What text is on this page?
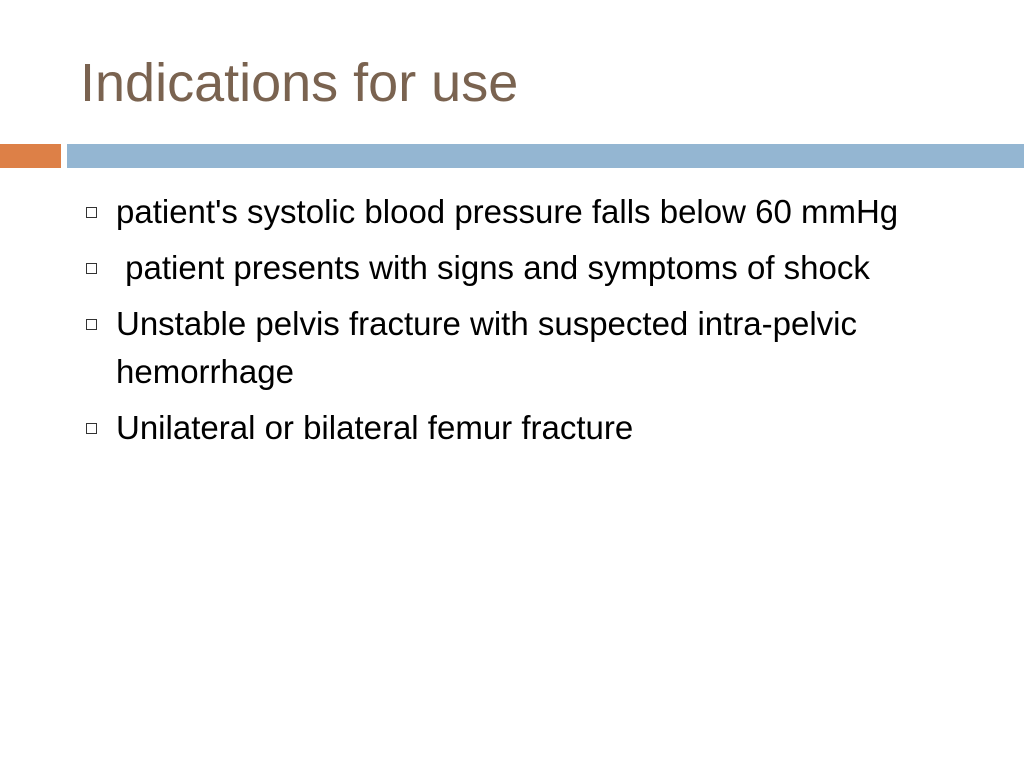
Indications for use
patient's systolic blood pressure falls below 60 mmHg
patient presents with signs and symptoms of shock
Unstable pelvis fracture with suspected intra-pelvic hemorrhage
Unilateral or bilateral femur fracture
